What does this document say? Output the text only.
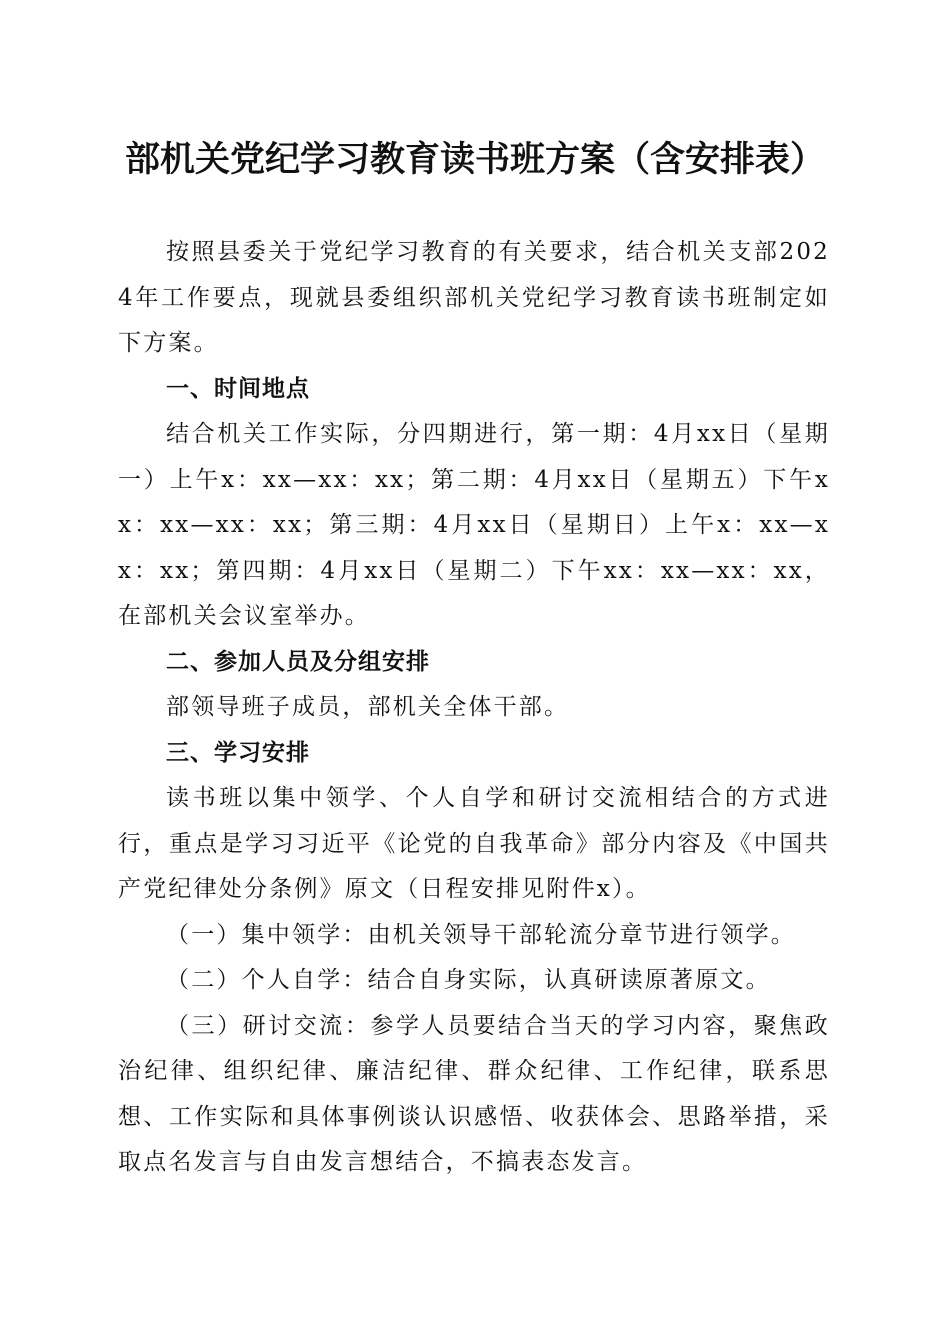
部机关党纪学习教育读书班方案（含安排表）

按照县委关于党纪学习教育的有关要求，结合机关支部2024年工作要点，现就县委组织部机关党纪学习教育读书班制定如下方案。

一、时间地点

结合机关工作实际，分四期进行，第一期：4月xx日（星期一）上午x：xx—xx：xx；第二期：4月xx日（星期五）下午xx：xx—xx：xx；第三期：4月xx日（星期日）上午x：xx—xx：xx；第四期：4月xx日（星期二）下午xx：xx—xx：xx，在部机关会议室举办。

二、参加人员及分组安排

部领导班子成员，部机关全体干部。

三、学习安排

读书班以集中领学、个人自学和研讨交流相结合的方式进行，重点是学习习近平《论党的自我革命》部分内容及《中国共产党纪律处分条例》原文（日程安排见附件x）。

（一）集中领学：由机关领导干部轮流分章节进行领学。

（二）个人自学：结合自身实际，认真研读原著原文。

（三）研讨交流：参学人员要结合当天的学习内容，聚焦政治纪律、组织纪律、廉洁纪律、群众纪律、工作纪律，联系思想、工作实际和具体事例谈认识感悟、收获体会、思路举措，采取点名发言与自由发言想结合，不搞表态发言。
